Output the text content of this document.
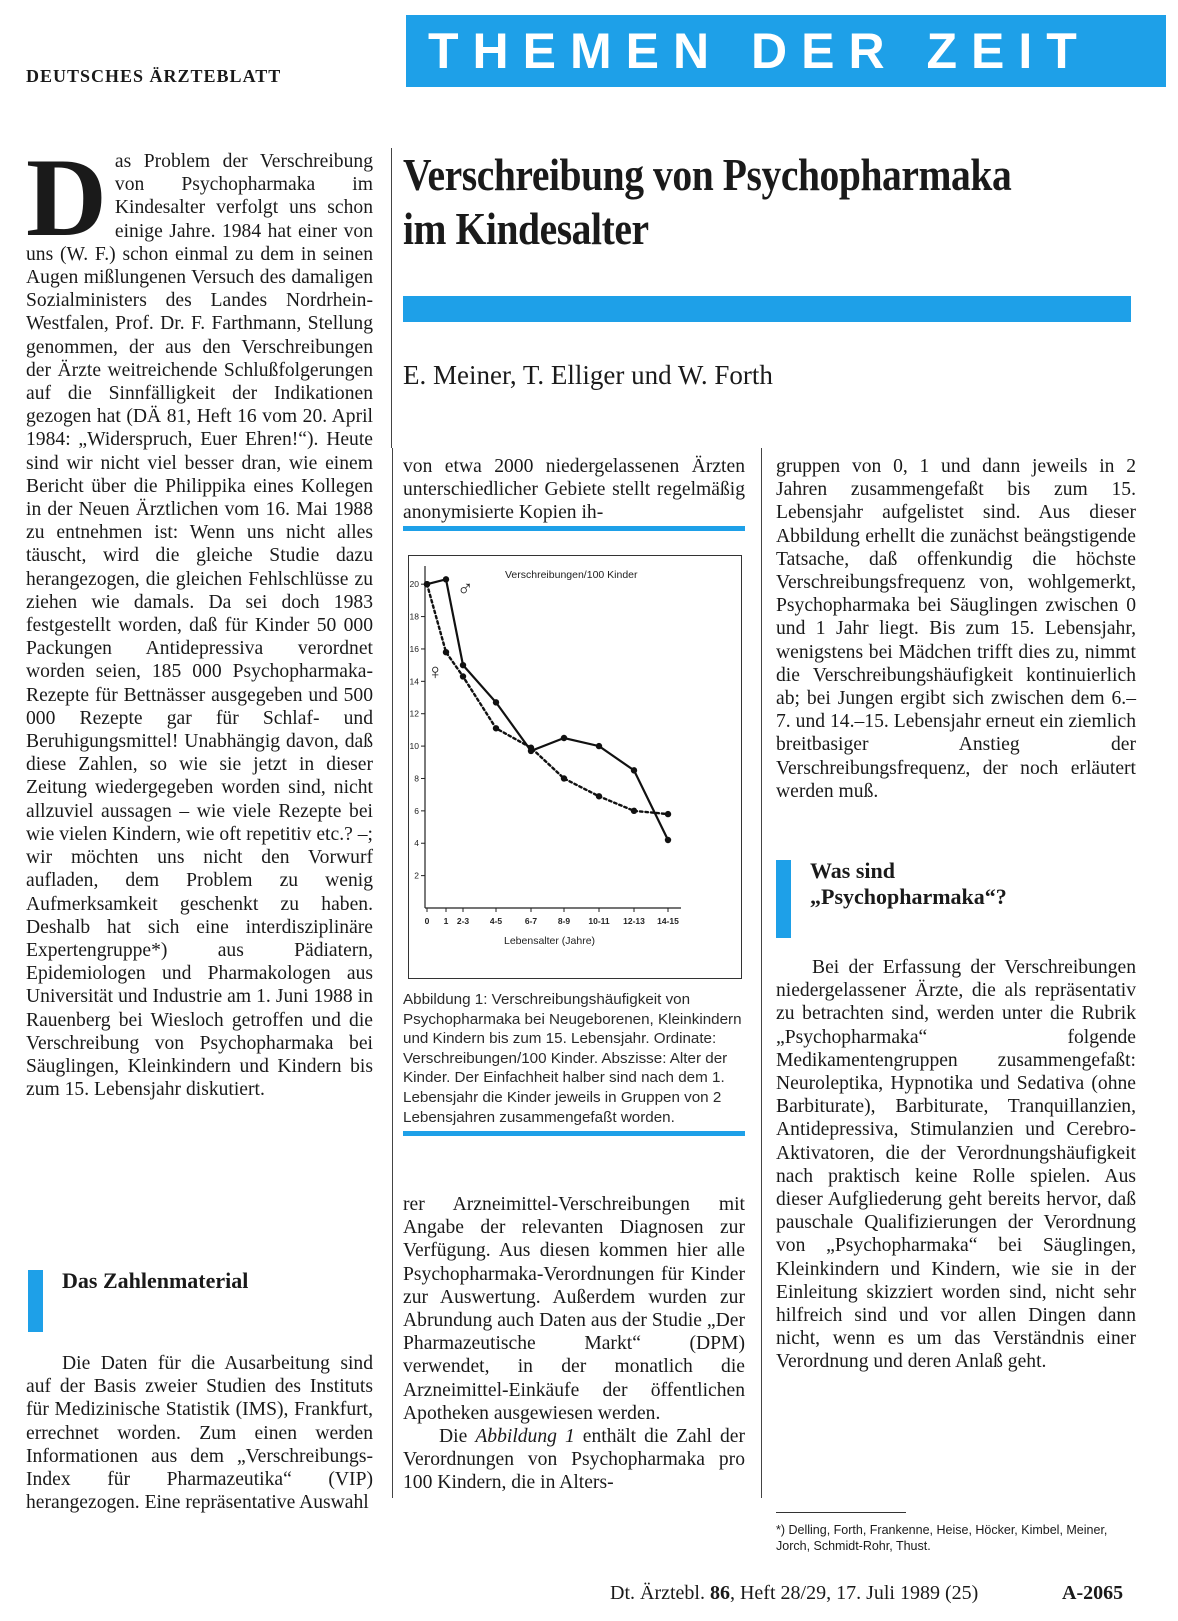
DEUTSCHES ÄRZTEBLATT	THEMEN DER ZEIT
D as Problem der Verschreibung von Psychopharmaka im Kindesalter verfolgt uns schon einige Jahre. 1984 hat einer von uns (W. F.) schon einmal zu dem in seinen Augen mißlungenen Versuch des damaligen Sozialministers des Landes Nordrhein-Westfalen, Prof. Dr. F. Farthmann, Stellung genommen, der aus den Verschreibungen der Ärzte weitreichende Schlußfolgerungen auf die Sinnfälligkeit der Indikationen gezogen hat (DÄ 81, Heft 16 vom 20. April 1984: „Widerspruch, Euer Ehren!“). Heute sind wir nicht viel besser dran, wie einem Bericht über die Philippika eines Kollegen in der Neuen Ärztlichen vom 16. Mai 1988 zu entnehmen ist: Wenn uns nicht alles täuscht, wird die gleiche Studie dazu herangezogen, die gleichen Fehlschlüsse zu ziehen wie damals. Da sei doch 1983 festgestellt worden, daß für Kinder 50 000 Packungen Antidepressiva verordnet worden seien, 185 000 Psychopharmaka-Rezepte für Bettnässer ausgegeben und 500 000 Rezepte gar für Schlaf- und Beruhigungsmittel! Unabhängig davon, daß diese Zahlen, so wie sie jetzt in dieser Zeitung wiedergegeben worden sind, nicht allzuviel aussagen – wie viele Rezepte bei wie vielen Kindern, wie oft repetitiv etc.? –; wir möchten uns nicht den Vorwurf aufladen, dem Problem zu wenig Aufmerksamkeit geschenkt zu haben. Deshalb hat sich eine interdisziplinäre Expertengruppe*) aus Pädiatern, Epidemiologen und Pharmakologen aus Universität und Industrie am 1. Juni 1988 in Rauenberg bei Wiesloch getroffen und die Verschreibung von Psychopharmaka bei Säuglingen, Kleinkindern und Kindern bis zum 15. Lebensjahr diskutiert.

Das Zahlenmaterial

Die Daten für die Ausarbeitung sind auf der Basis zweier Studien des Instituts für Medizinische Statistik (IMS), Frankfurt, errechnet worden. Zum einen werden Informationen aus dem „Verschreibungs-Index für Pharmazeutika“ (VIP) herangezogen. Eine repräsentative Auswahl

Verschreibung von Psychopharmaka
im Kindesalter
E. Meiner, T. Elliger und W. Forth

von etwa 2000 niedergelassenen Ärzten unterschiedlicher Gebiete stellt regelmäßig anonymisierte Kopien ih-

Verschreibungen/100 Kinder
♂
♀
Lebensalter (Jahre)
2
4
6
8
10
12
14
16
18
20
0 1 2-3 4-5	6-7 8-9 10-11 12-13 14-15
Abbildung 1: Verschreibungshäufigkeit von Psychopharmaka bei Neugeborenen, Kleinkindern und Kindern bis zum 15. Lebensjahr. Ordinate: Verschreibungen/100 Kinder. Abszisse: Alter der Kinder. Der Einfachheit halber sind nach dem 1. Lebensjahr die Kinder jeweils in Gruppen von 2 Lebensjahren zusammengefaßt worden.

rer Arzneimittel-Verschreibungen mit Angabe der relevanten Diagnosen zur Verfügung. Aus diesen kommen hier alle Psychopharmaka-Verordnungen für Kinder zur Auswertung. Außerdem wurden zur Abrundung auch Daten aus der Studie „Der Pharmazeutische Markt“ (DPM) verwendet, in der monatlich die Arzneimittel-Einkäufe der öffentlichen Apotheken ausgewiesen werden.

Die Abbildung 1 enthält die Zahl der Verordnungen von Psychopharmaka pro 100 Kindern, die in Alters-

gruppen von 0, 1 und dann jeweils in 2 Jahren zusammengefaßt bis zum 15. Lebensjahr aufgelistet sind. Aus dieser Abbildung erhellt die zunächst beängstigende Tatsache, daß offenkundig die höchste Verschreibungsfrequenz von, wohlgemerkt, Psychopharmaka bei Säuglingen zwischen 0 und 1 Jahr liegt. Bis zum 15. Lebensjahr, wenigstens bei Mädchen trifft dies zu, nimmt die Verschreibungshäufigkeit kontinuierlich ab; bei Jungen ergibt sich zwischen dem 6.–7. und 14.–15. Lebensjahr erneut ein ziemlich breitbasiger Anstieg der Verschreibungsfrequenz, der noch erläutert werden muß.

Was sind
„Psychopharmaka“?

Bei der Erfassung der Verschreibungen niedergelassener Ärzte, die als repräsentativ zu betrachten sind, werden unter die Rubrik „Psychopharmaka“ folgende Medikamentengruppen zusammengefaßt: Neuroleptika, Hypnotika und Sedativa (ohne Barbiturate), Barbiturate, Tranquillanzien, Antidepressiva, Stimulanzien und Cerebro-Aktivatoren, die der Verordnungshäufigkeit nach praktisch keine Rolle spielen. Aus dieser Aufgliederung geht bereits hervor, daß pauschale Qualifizierungen der Verordnung von „Psychopharmaka“ bei Säuglingen, Kleinkindern und Kindern, wie sie in der Einleitung skizziert worden sind, nicht sehr hilfreich sind und vor allen Dingen dann nicht, wenn es um das Verständnis einer Verordnung und deren Anlaß geht.

*) Delling, Forth, Frankenne, Heise, Höcker, Kimbel, Meiner, Jorch, Schmidt-Rohr, Thust.
Dt. Ärztebl. 86, Heft 28/29, 17. Juli 1989 (25)	A-2065
